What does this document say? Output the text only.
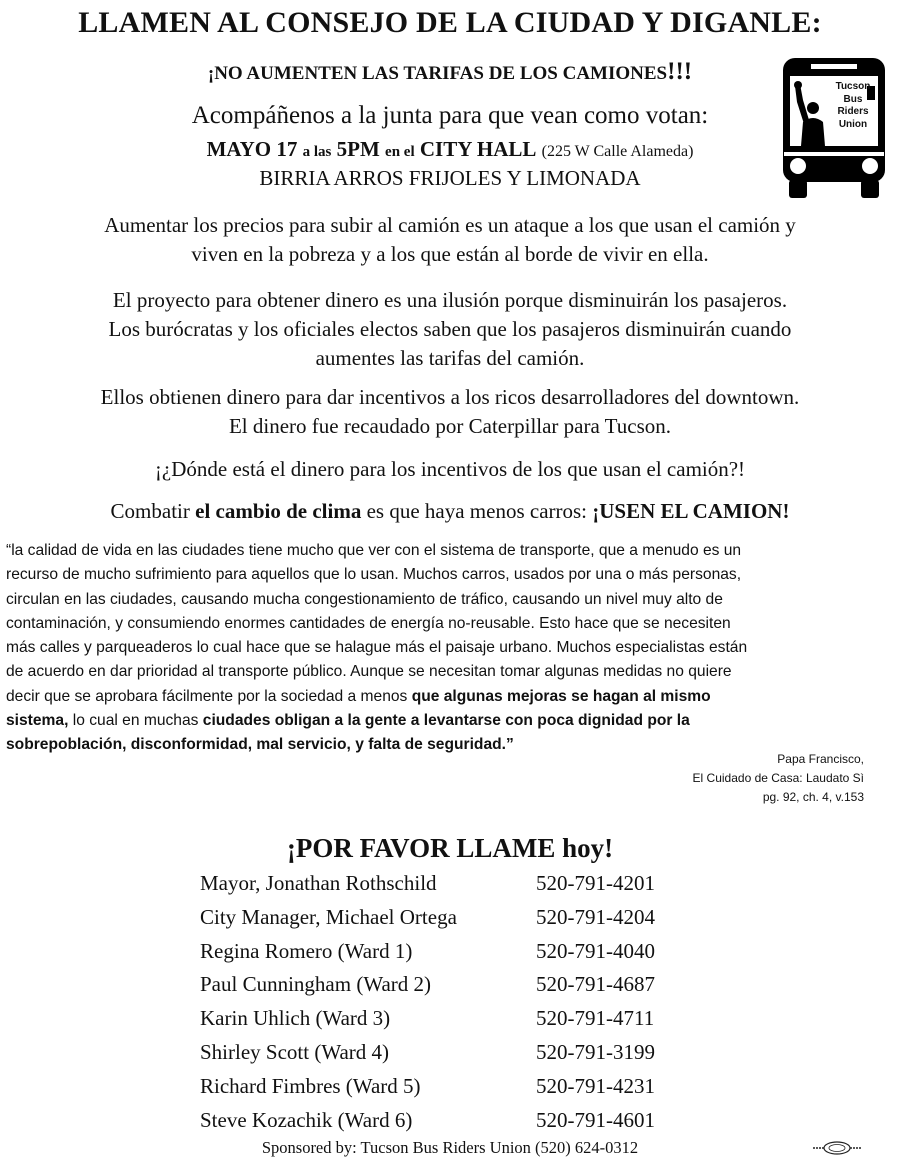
LLAMEN AL CONSEJO DE LA CIUDAD Y DIGANLE:
¡NO AUMENTEN LAS TARIFAS DE LOS CAMIONES!!!
Acompáñenos a la junta para que vean como votan:
MAYO 17 a las 5PM en el CITY HALL (225 W Calle Alameda)
BIRRIA ARROS FRIJOLES Y LIMONADA
Tucson
Bus
Riders
Union
Aumentar los precios para subir al camión es un ataque a los que usan el camión y
viven en la pobreza y a los que están al borde de vivir en ella.
El proyecto para obtener dinero es una ilusión porque disminuirán los pasajeros.
Los burócratas y los oficiales electos saben que los pasajeros disminuirán cuando
aumentes las tarifas del camión.
Ellos obtienen dinero para dar incentivos a los ricos desarrolladores del downtown.
El dinero fue recaudado por Caterpillar para Tucson.
¡¿Dónde está el dinero para los incentivos de los que usan el camión?!
Combatir el cambio de clima es que haya menos carros: ¡USEN EL CAMION!
“la calidad de vida en las ciudades tiene mucho que ver con el sistema de transporte, que a menudo es un
recurso de mucho sufrimiento para aquellos que lo usan. Muchos carros, usados por una o más personas,
circulan en las ciudades, causando mucha congestionamiento de tráfico, causando un nivel muy alto de
contaminación, y consumiendo enormes cantidades de energía no-reusable. Esto hace que se necesiten
más calles y parqueaderos lo cual hace que se halague más el paisaje urbano. Muchos especialistas están
de acuerdo en dar prioridad al transporte público. Aunque se necesitan tomar algunas medidas no quiere
decir que se aprobara fácilmente por la sociedad a menos que algunas mejoras se hagan al mismo
sistema, lo cual en muchas ciudades obligan a la gente a levantarse con poca dignidad por la
sobrepoblación, disconformidad, mal servicio, y falta de seguridad.”
Papa Francisco,
El Cuidado de Casa: Laudato Sì
pg. 92, ch. 4, v.153
¡POR FAVOR LLAME hoy!
Mayor, Jonathan Rothschild	520-791-4201
City Manager, Michael Ortega	520-791-4204
Regina Romero (Ward 1)	520-791-4040
Paul Cunningham (Ward 2)	520-791-4687
Karin Uhlich (Ward 3)	520-791-4711
Shirley Scott (Ward 4)	520-791-3199
Richard Fimbres (Ward 5)	520-791-4231
Steve Kozachik (Ward 6)	520-791-4601
Sponsored by: Tucson Bus Riders Union (520) 624-0312
